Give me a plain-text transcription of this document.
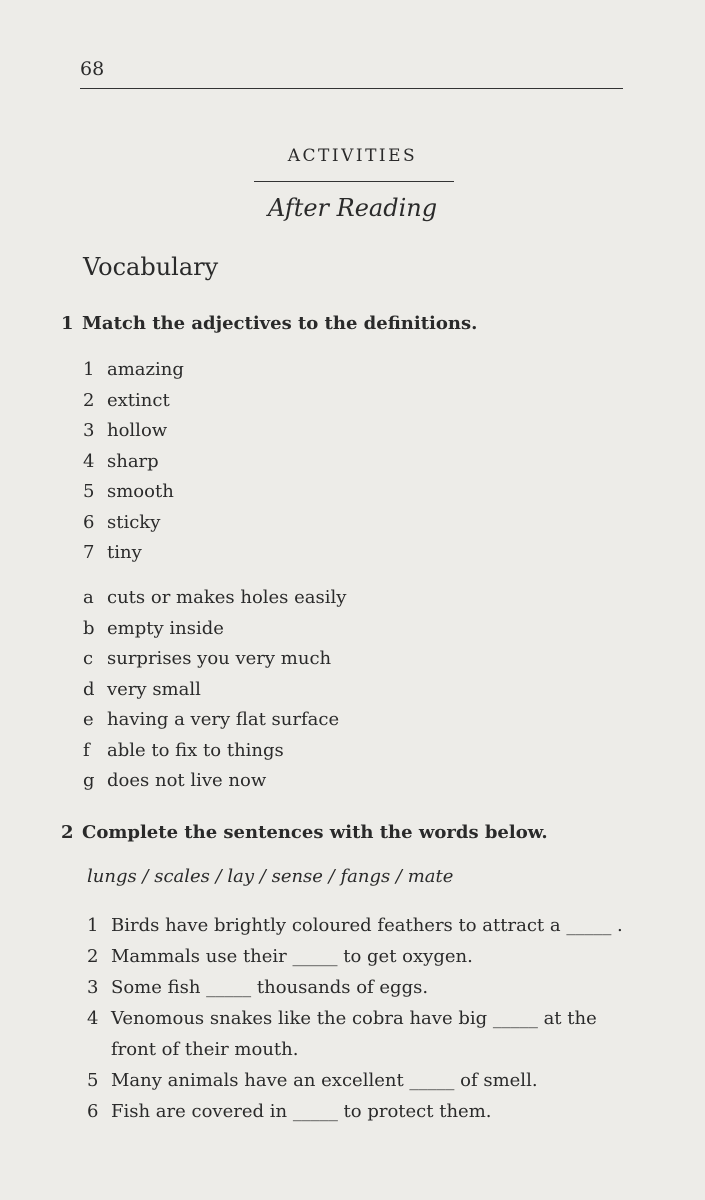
68
ACTIVITIES
After Reading
Vocabulary
1 Match the adjectives to the definitions.
1 amazing
2 extinct
3 hollow
4 sharp
5 smooth
6 sticky
7 tiny
a cuts or makes holes easily
b empty inside
c surprises you very much
d very small
e having a very flat surface
f able to fix to things
g does not live now
2 Complete the sentences with the words below.
lungs / scales / lay / sense / fangs / mate
1 Birds have brightly coloured feathers to attract a _____ .
2 Mammals use their _____ to get oxygen.
3 Some fish _____ thousands of eggs.
4 Venomous snakes like the cobra have big _____ at the front of their mouth.
5 Many animals have an excellent _____ of smell.
6 Fish are covered in _____ to protect them.
